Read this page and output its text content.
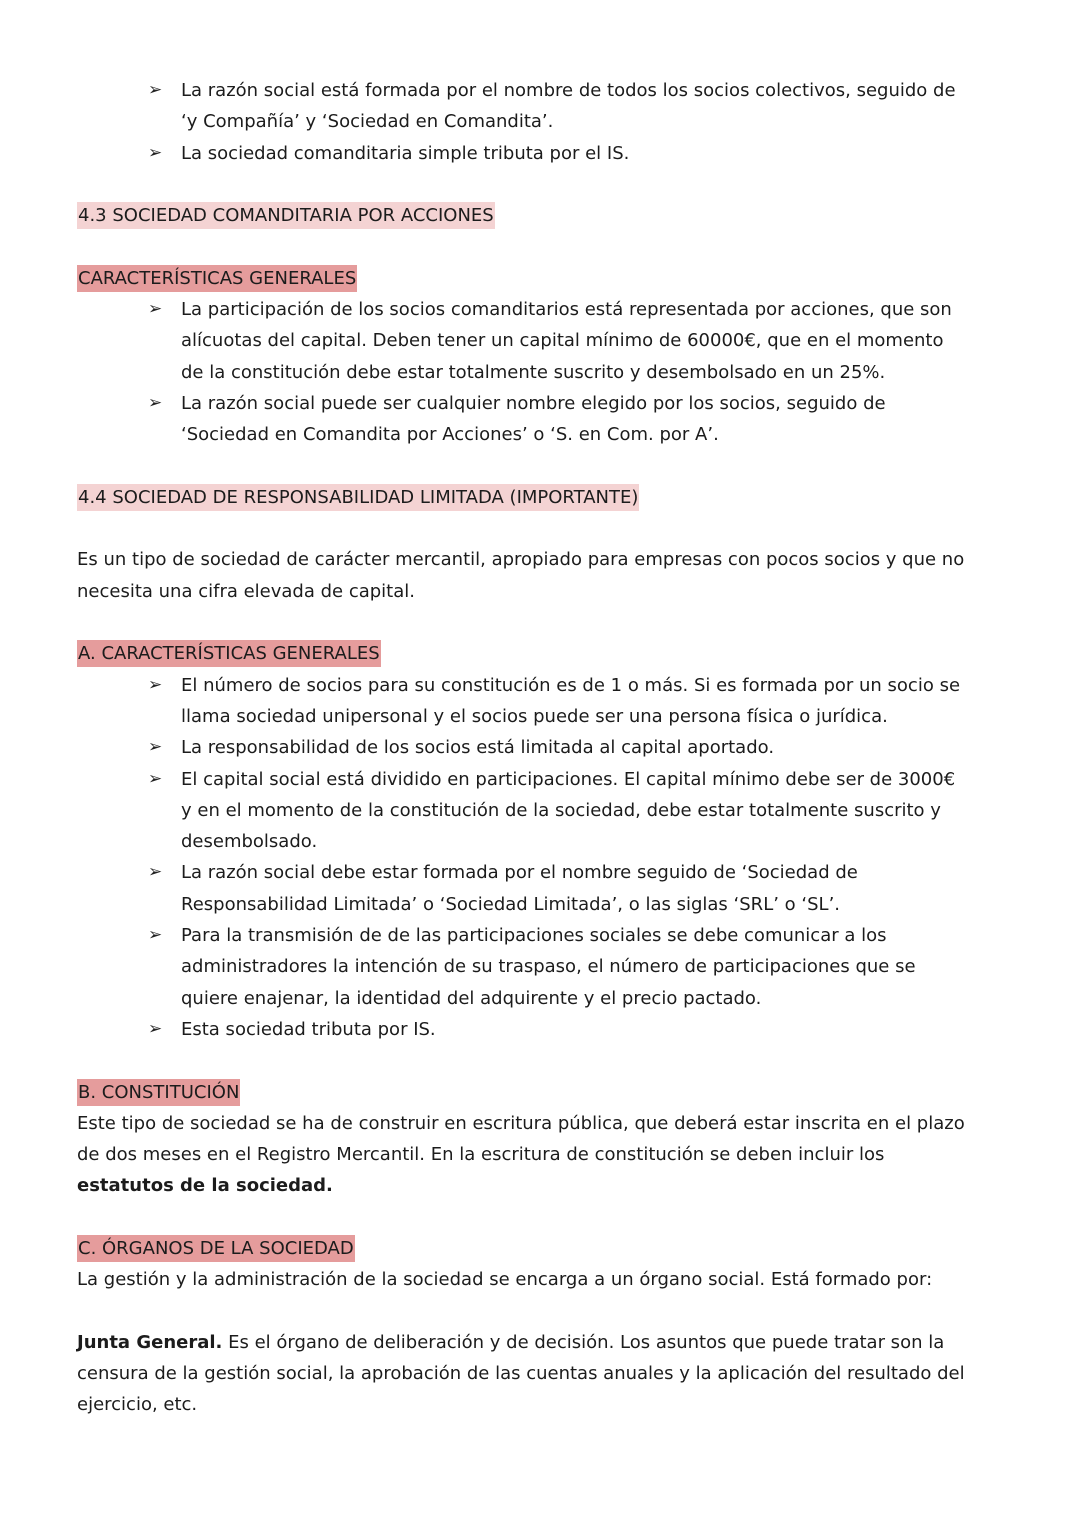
➢ La razón social está formada por el nombre de todos los socios colectivos, seguido de ‘y Compañía’ y ‘Sociedad en Comandita’.
➢ La sociedad comanditaria simple tributa por el IS.
4.3 SOCIEDAD COMANDITARIA POR ACCIONES
CARACTERÍSTICAS GENERALES
➢ La participación de los socios comanditarios está representada por acciones, que son alícuotas del capital. Deben tener un capital mínimo de 60000€, que en el momento de la constitución debe estar totalmente suscrito y desembolsado en un 25%.
➢ La razón social puede ser cualquier nombre elegido por los socios, seguido de ‘Sociedad en Comandita por Acciones’ o ‘S. en Com. por A’.
4.4 SOCIEDAD DE RESPONSABILIDAD LIMITADA (IMPORTANTE)

Es un tipo de sociedad de carácter mercantil, apropiado para empresas con pocos socios y que no necesita una cifra elevada de capital.

A. CARACTERÍSTICAS GENERALES
➢ El número de socios para su constitución es de 1 o más. Si es formada por un socio se llama sociedad unipersonal y el socios puede ser una persona física o jurídica.
➢ La responsabilidad de los socios está limitada al capital aportado.
➢ El capital social está dividido en participaciones. El capital mínimo debe ser de 3000€ y en el momento de la constitución de la sociedad, debe estar totalmente suscrito y desembolsado.
➢ La razón social debe estar formada por el nombre seguido de ‘Sociedad de Responsabilidad Limitada’ o ‘Sociedad Limitada’, o las siglas ‘SRL’ o ‘SL’.
➢ Para la transmisión de de las participaciones sociales se debe comunicar a los administradores la intención de su traspaso, el número de participaciones que se quiere enajenar, la identidad del adquirente y el precio pactado.
➢ Esta sociedad tributa por IS.
B. CONSTITUCIÓN

Este tipo de sociedad se ha de construir en escritura pública, que deberá estar inscrita en el plazo de dos meses en el Registro Mercantil. En la escritura de constitución se deben incluir los estatutos de la sociedad.

C. ÓRGANOS DE LA SOCIEDAD

La gestión y la administración de la sociedad se encarga a un órgano social. Está formado por:

Junta General. Es el órgano de deliberación y de decisión. Los asuntos que puede tratar son la censura de la gestión social, la aprobación de las cuentas anuales y la aplicación del resultado del ejercicio, etc.
